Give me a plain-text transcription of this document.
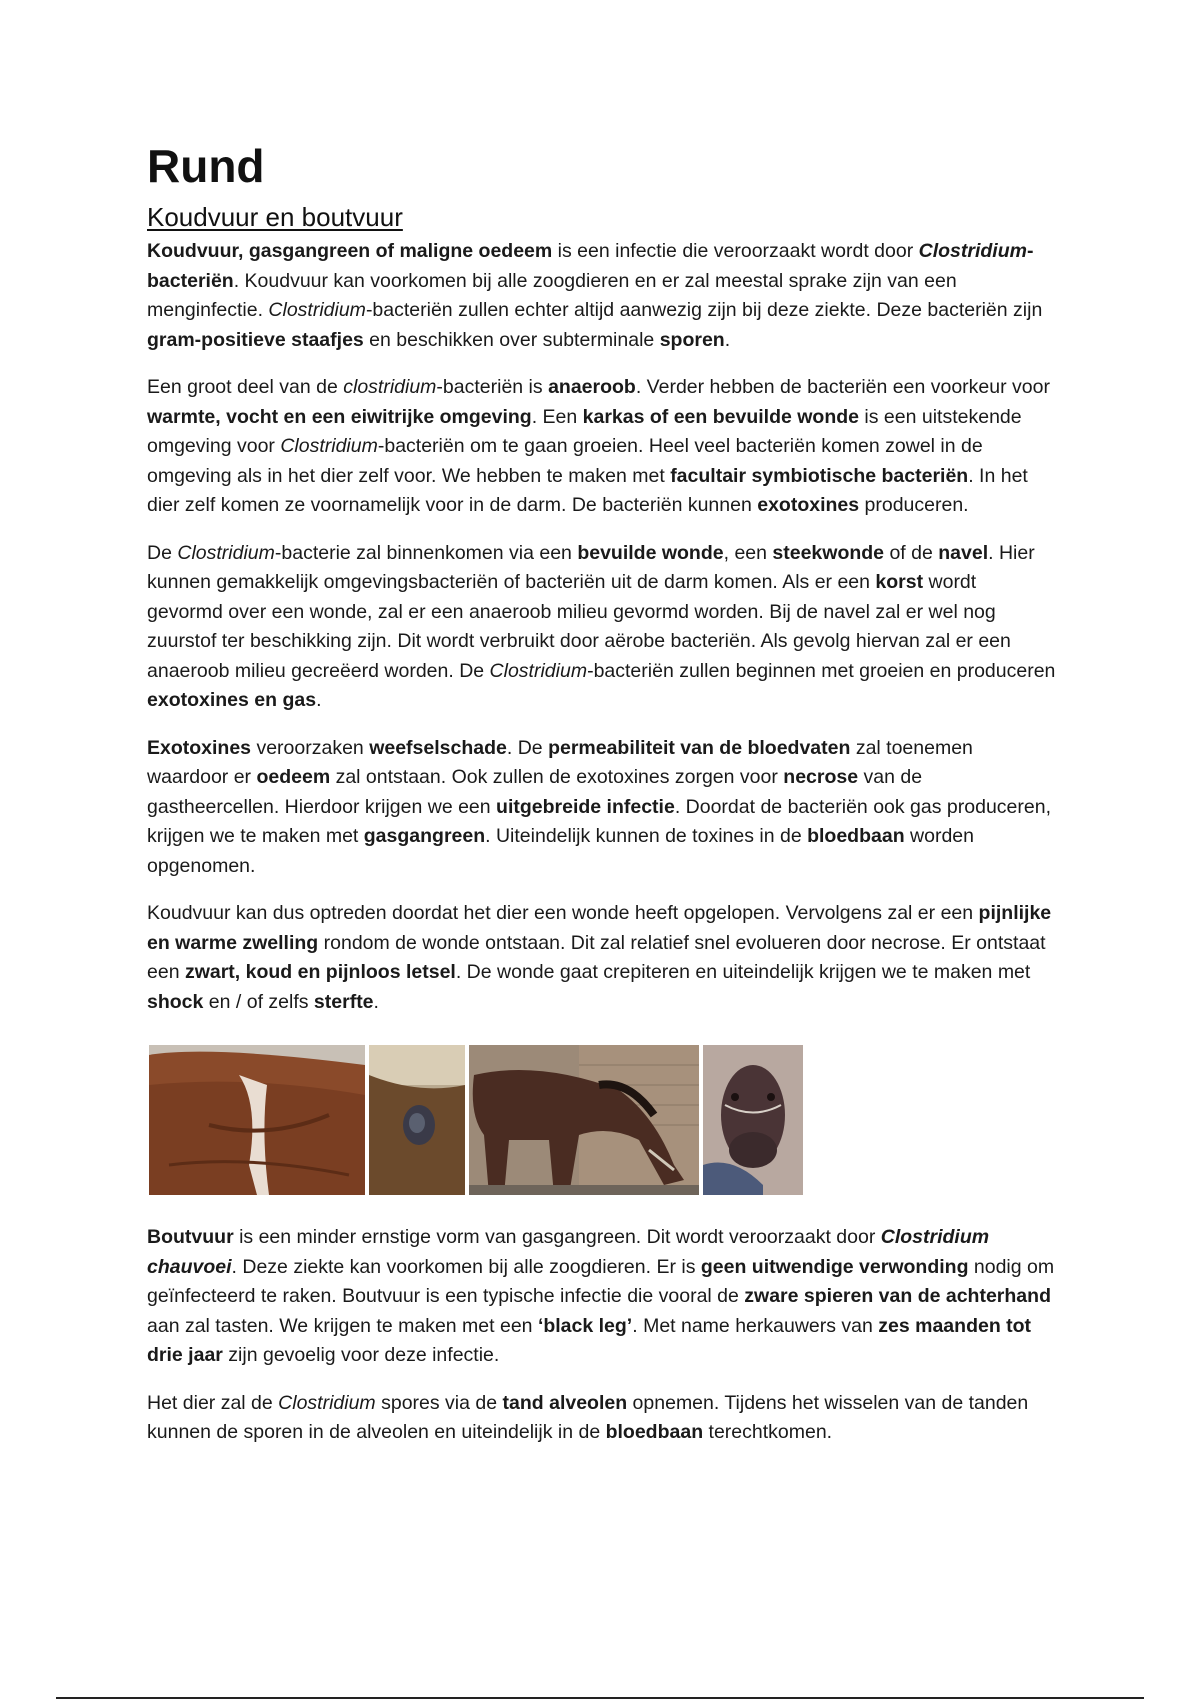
Rund
Koudvuur en boutvuur

Koudvuur, gasgangreen of maligne oedeem is een infectie die veroorzaakt wordt door Clostridium-bacteriën. Koudvuur kan voorkomen bij alle zoogdieren en er zal meestal sprake zijn van een menginfectie. Clostridium-bacteriën zullen echter altijd aanwezig zijn bij deze ziekte. Deze bacteriën zijn gram-positieve staafjes en beschikken over subterminale sporen.

Een groot deel van de clostridium-bacteriën is anaeroob. Verder hebben de bacteriën een voorkeur voor warmte, vocht en een eiwitrijke omgeving. Een karkas of een bevuilde wonde is een uitstekende omgeving voor Clostridium-bacteriën om te gaan groeien. Heel veel bacteriën komen zowel in de omgeving als in het dier zelf voor. We hebben te maken met facultair symbiotische bacteriën. In het dier zelf komen ze voornamelijk voor in de darm. De bacteriën kunnen exotoxines produceren.

De Clostridium-bacterie zal binnenkomen via een bevuilde wonde, een steekwonde of de navel. Hier kunnen gemakkelijk omgevingsbacteriën of bacteriën uit de darm komen. Als er een korst wordt gevormd over een wonde, zal er een anaeroob milieu gevormd worden. Bij de navel zal er wel nog zuurstof ter beschikking zijn. Dit wordt verbruikt door aërobe bacteriën. Als gevolg hiervan zal er een anaeroob milieu gecreëerd worden. De Clostridium-bacteriën zullen beginnen met groeien en produceren exotoxines en gas.

Exotoxines veroorzaken weefselschade. De permeabiliteit van de bloedvaten zal toenemen waardoor er oedeem zal ontstaan. Ook zullen de exotoxines zorgen voor necrose van de gastheercellen. Hierdoor krijgen we een uitgebreide infectie. Doordat de bacteriën ook gas produceren, krijgen we te maken met gasgangreen. Uiteindelijk kunnen de toxines in de bloedbaan worden opgenomen.

Koudvuur kan dus optreden doordat het dier een wonde heeft opgelopen. Vervolgens zal er een pijnlijke en warme zwelling rondom de wonde ontstaan. Dit zal relatief snel evolueren door necrose. Er ontstaat een zwart, koud en pijnloos letsel. De wonde gaat crepiteren en uiteindelijk krijgen we te maken met shock en / of zelfs sterfte.

Boutvuur is een minder ernstige vorm van gasgangreen. Dit wordt veroorzaakt door Clostridium chauvoei. Deze ziekte kan voorkomen bij alle zoogdieren. Er is geen uitwendige verwonding nodig om geïnfecteerd te raken. Boutvuur is een typische infectie die vooral de zware spieren van de achterhand aan zal tasten. We krijgen te maken met een ‘black leg’. Met name herkauwers van zes maanden tot drie jaar zijn gevoelig voor deze infectie.

Het dier zal de Clostridium spores via de tand alveolen opnemen. Tijdens het wisselen van de tanden kunnen de sporen in de alveolen en uiteindelijk in de bloedbaan terechtkomen.
